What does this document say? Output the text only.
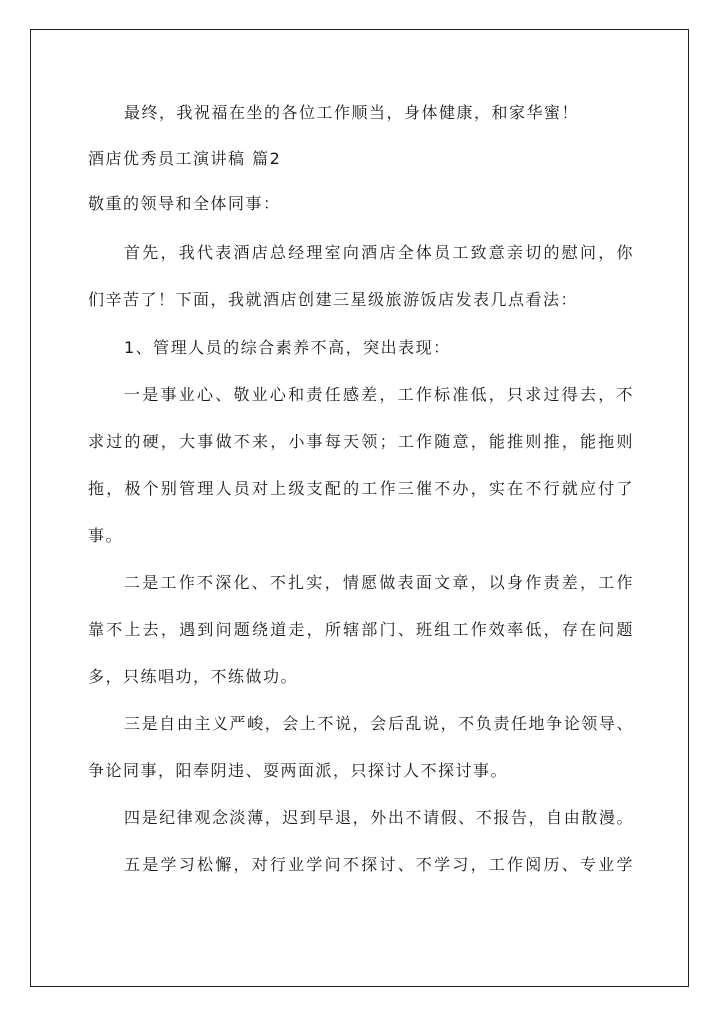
最终，我祝福在坐的各位工作顺当，身体健康，和家华蜜！
酒店优秀员工演讲稿 篇2
敬重的领导和全体同事：
首先，我代表酒店总经理室向酒店全体员工致意亲切的慰问，你
们辛苦了！下面，我就酒店创建三星级旅游饭店发表几点看法：
1、管理人员的综合素养不高，突出表现：
一是事业心、敬业心和责任感差，工作标准低，只求过得去，不
求过的硬，大事做不来，小事每天领；工作随意，能推则推，能拖则
拖，极个别管理人员对上级支配的工作三催不办，实在不行就应付了
事。
二是工作不深化、不扎实，情愿做表面文章，以身作责差，工作
靠不上去，遇到问题绕道走，所辖部门、班组工作效率低，存在问题
多，只练唱功，不练做功。
三是自由主义严峻，会上不说，会后乱说，不负责任地争论领导、
争论同事，阳奉阴违、耍两面派，只探讨人不探讨事。
四是纪律观念淡薄，迟到早退，外出不请假、不报告，自由散漫。
五是学习松懈，对行业学问不探讨、不学习，工作阅历、专业学
